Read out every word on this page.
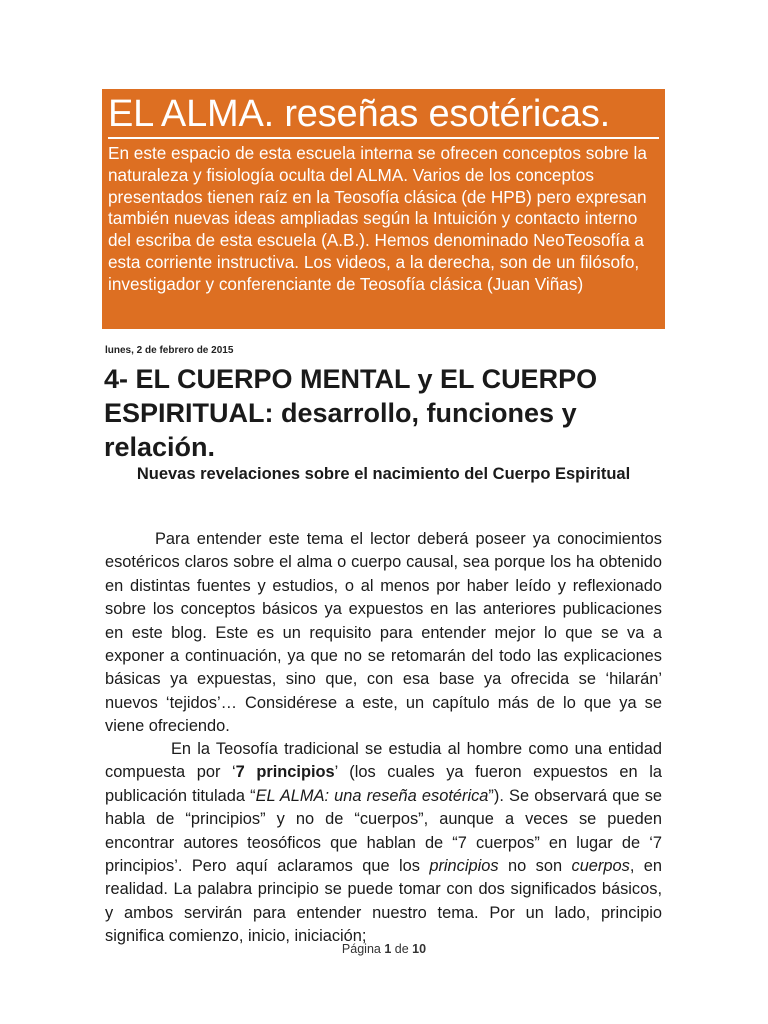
EL ALMA. reseñas esotéricas.

En este espacio de esta escuela interna se ofrecen conceptos sobre la naturaleza y fisiología oculta del ALMA. Varios de los conceptos presentados tienen raíz en la Teosofía clásica (de HPB) pero expresan también nuevas ideas ampliadas según la Intuición y contacto interno del escriba de esta escuela (A.B.). Hemos denominado NeoTeosofía a esta corriente instructiva. Los videos, a la derecha, son de un filósofo, investigador y conferenciante de Teosofía clásica (Juan Viñas)

lunes, 2 de febrero de 2015
4- EL CUERPO MENTAL y EL CUERPO ESPIRITUAL: desarrollo, funciones y relación.
Nuevas revelaciones sobre el nacimiento del Cuerpo Espiritual

Para entender este tema el lector deberá poseer ya conocimientos esotéricos claros sobre el alma o cuerpo causal, sea porque los ha obtenido en distintas fuentes y estudios, o al menos por haber leído y reflexionado sobre los conceptos básicos ya expuestos en las anteriores publicaciones en este blog. Este es un requisito para entender mejor lo que se va a exponer a continuación, ya que no se retomarán del todo las explicaciones básicas ya expuestas, sino que, con esa base ya ofrecida se ‘hilarán’ nuevos ‘tejidos’… Considérese a este, un capítulo más de lo que ya se viene ofreciendo.

En la Teosofía tradicional se estudia al hombre como una entidad compuesta por ‘7 principios’ (los cuales ya fueron expuestos en la publicación titulada “EL ALMA: una reseña esotérica”). Se observará que se habla de “principios” y no de “cuerpos”, aunque a veces se pueden encontrar autores teosóficos que hablan de “7 cuerpos” en lugar de ‘7 principios’. Pero aquí aclaramos que los principios no son cuerpos, en realidad. La palabra principio se puede tomar con dos significados básicos, y ambos servirán para entender nuestro tema. Por un lado, principio significa comienzo, inicio, iniciación;

Página 1 de 10
